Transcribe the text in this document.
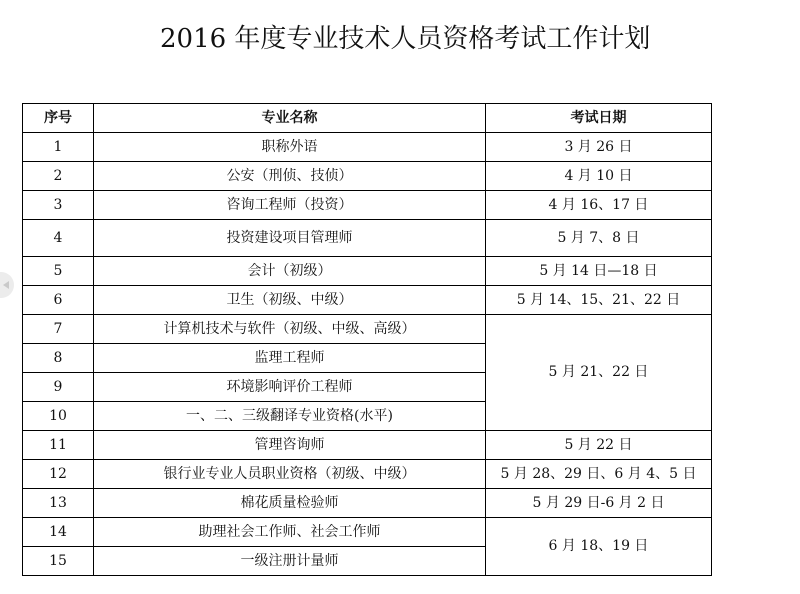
2016 年度专业技术人员资格考试工作计划
序号	专业名称	考试日期
1	职称外语	3 月 26 日
2	公安（刑侦、技侦）	4 月 10 日
3	咨询工程师（投资）	4 月 16、17 日
4	投资建设项目管理师	5 月 7、8 日
5	会计（初级）	5 月 14 日—18 日
6	卫生（初级、中级）	5 月 14、15、21、22 日
7	计算机技术与软件（初级、中级、高级）	5 月 21、22 日
8	监理工程师	
9	环境影响评价工程师	
10	一、二、三级翻译专业资格(水平)	
11	管理咨询师	5 月 22 日
12	银行业专业人员职业资格（初级、中级）	5 月 28、29 日、6 月 4、5 日
13	棉花质量检验师	5 月 29 日-6 月 2 日
14	助理社会工作师、社会工作师	6 月 18、19 日
15	一级注册计量师	
